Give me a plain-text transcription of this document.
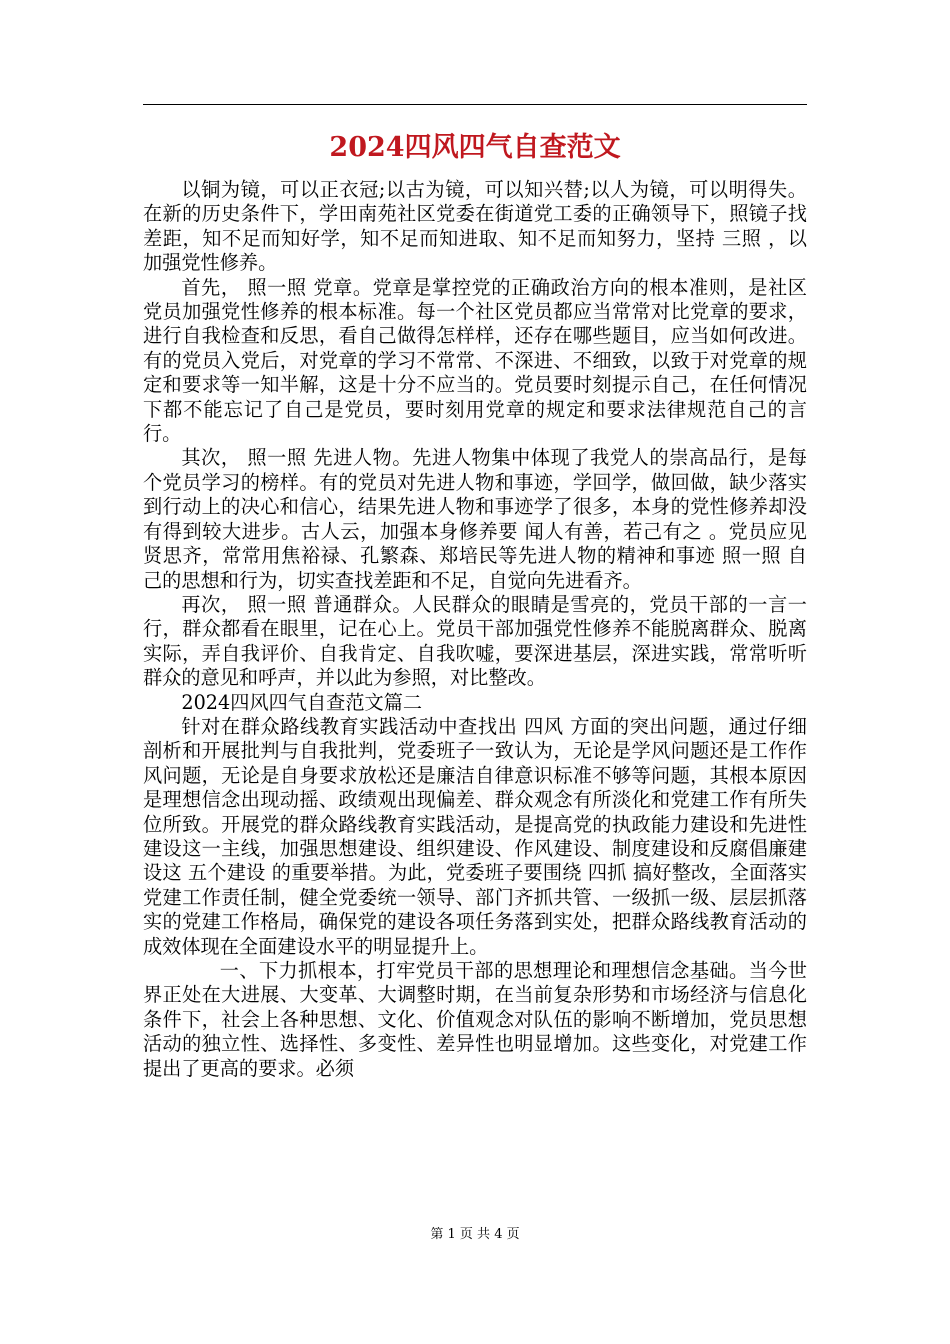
2024四风四气自查范文

以铜为镜，可以正衣冠;以古为镜，可以知兴替;以人为镜，可以明得失。 在新的历史条件下，学田南苑社区党委在街道党工委的正确领导下，照镜子找差距，知不足而知好学，知不足而知进取、知不足而知努力，坚持 三照 ，以加强党性修养。

首先， 照一照 党章。党章是掌控党的正确政治方向的根本准则，是社区党员加强党性修养的根本标准。每一个社区党员都应当常常对比党章的要求，进行自我检查和反思，看自己做得怎样样，还存在哪些题目，应当如何改进。有的党员入党后，对党章的学习不常常、不深进、不细致，以致于对党章的规定和要求等一知半解，这是十分不应当的。党员要时刻提示自己，在任何情况下都不能忘记了自己是党员，要时刻用党章的规定和要求法律规范自己的言行。

其次， 照一照 先进人物。先进人物集中体现了我党人的崇高品行，是每个党员学习的榜样。有的党员对先进人物和事迹，学回学，做回做，缺少落实到行动上的决心和信心，结果先进人物和事迹学了很多，本身的党性修养却没有得到较大进步。古人云，加强本身修养要 闻人有善，若己有之 。党员应见贤思齐，常常用焦裕禄、孔繁森、郑培民等先进人物的精神和事迹 照一照 自己的思想和行为，切实查找差距和不足，自觉向先进看齐。

再次， 照一照 普通群众。人民群众的眼睛是雪亮的，党员干部的一言一行，群众都看在眼里，记在心上。党员干部加强党性修养不能脱离群众、脱离实际，弄自我评价、自我肯定、自我吹嘘，要深进基层，深进实践，常常听听群众的意见和呼声，并以此为参照，对比整改。

2024四风四气自查范文篇二

针对在群众路线教育实践活动中查找出 四风 方面的突出问题，通过仔细剖析和开展批判与自我批判，党委班子一致认为，无论是学风问题还是工作作风问题，无论是自身要求放松还是廉洁自律意识标准不够等问题，其根本原因是理想信念出现动摇、政绩观出现偏差、群众观念有所淡化和党建工作有所失位所致。开展党的群众路线教育实践活动，是提高党的执政能力建设和先进性建设这一主线，加强思想建设、组织建设、作风建设、制度建设和反腐倡廉建设这 五个建设 的重要举措。为此，党委班子要围绕 四抓 搞好整改，全面落实党建工作责任制，健全党委统一领导、部门齐抓共管、一级抓一级、层层抓落实的党建工作格局，确保党的建设各项任务落到实处，把群众路线教育活动的成效体现在全面建设水平的明显提升上。

一、下力抓根本，打牢党员干部的思想理论和理想信念基础。当今世界正处在大进展、大变革、大调整时期，在当前复杂形势和市场经济与信息化条件下，社会上各种思想、文化、价值观念对队伍的影响不断增加，党员思想活动的独立性、选择性、多变性、差异性也明显增加。这些变化，对党建工作提出了更高的要求。必须

第 1 页 共 4 页
